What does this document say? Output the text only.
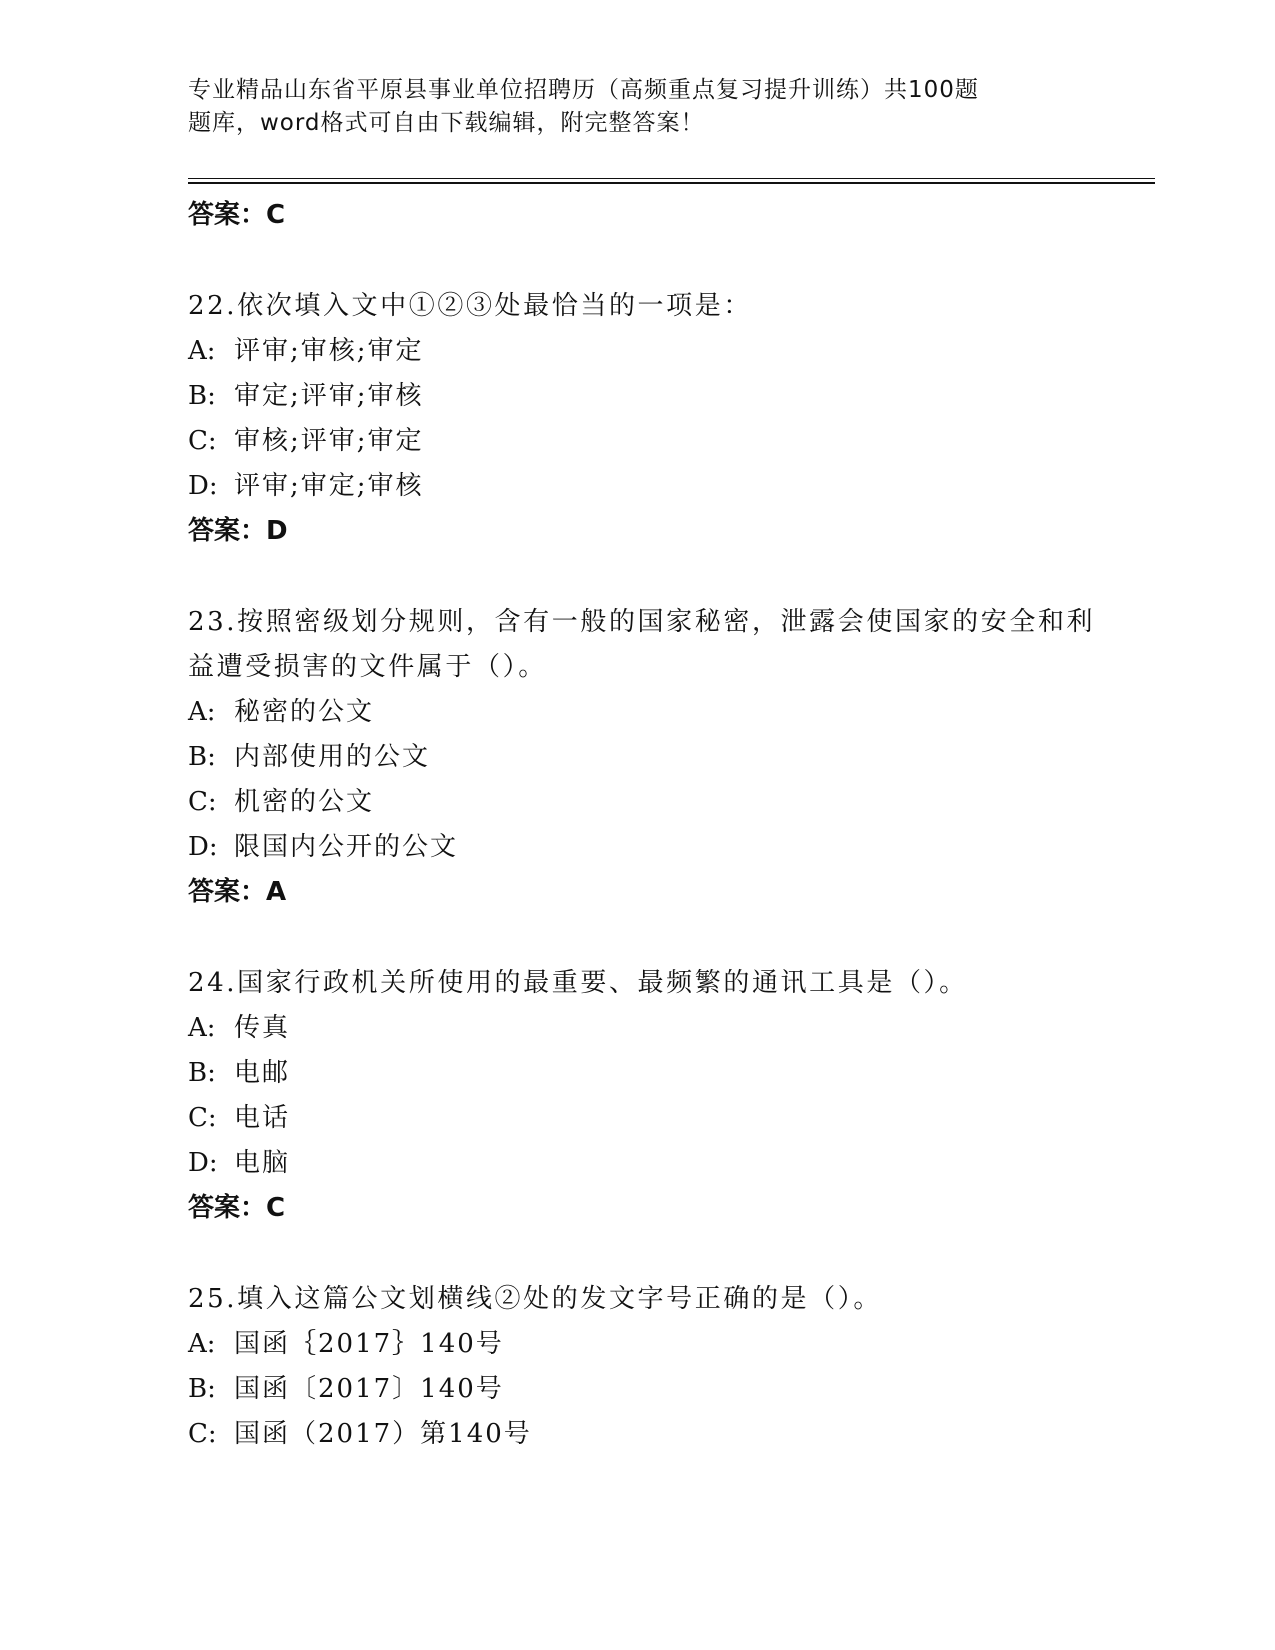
专业精品山东省平原县事业单位招聘历（高频重点复习提升训练）共100题
题库，word格式可自由下载编辑，附完整答案！
答案：C
22.依次填入文中①②③处最恰当的一项是：
A: 评审;审核;审定
B: 审定;评审;审核
C: 审核;评审;审定
D: 评审;审定;审核
答案：D
23.按照密级划分规则，含有一般的国家秘密，泄露会使国家的安全和利益遭受损害的文件属于（）。
A: 秘密的公文
B: 内部使用的公文
C: 机密的公文
D: 限国内公开的公文
答案：A
24.国家行政机关所使用的最重要、最频繁的通讯工具是（）。
A: 传真
B: 电邮
C: 电话
D: 电脑
答案：C
25.填入这篇公文划横线②处的发文字号正确的是（）。
A: 国函｛2017｝140号
B: 国函〔2017〕140号
C: 国函（2017）第140号
